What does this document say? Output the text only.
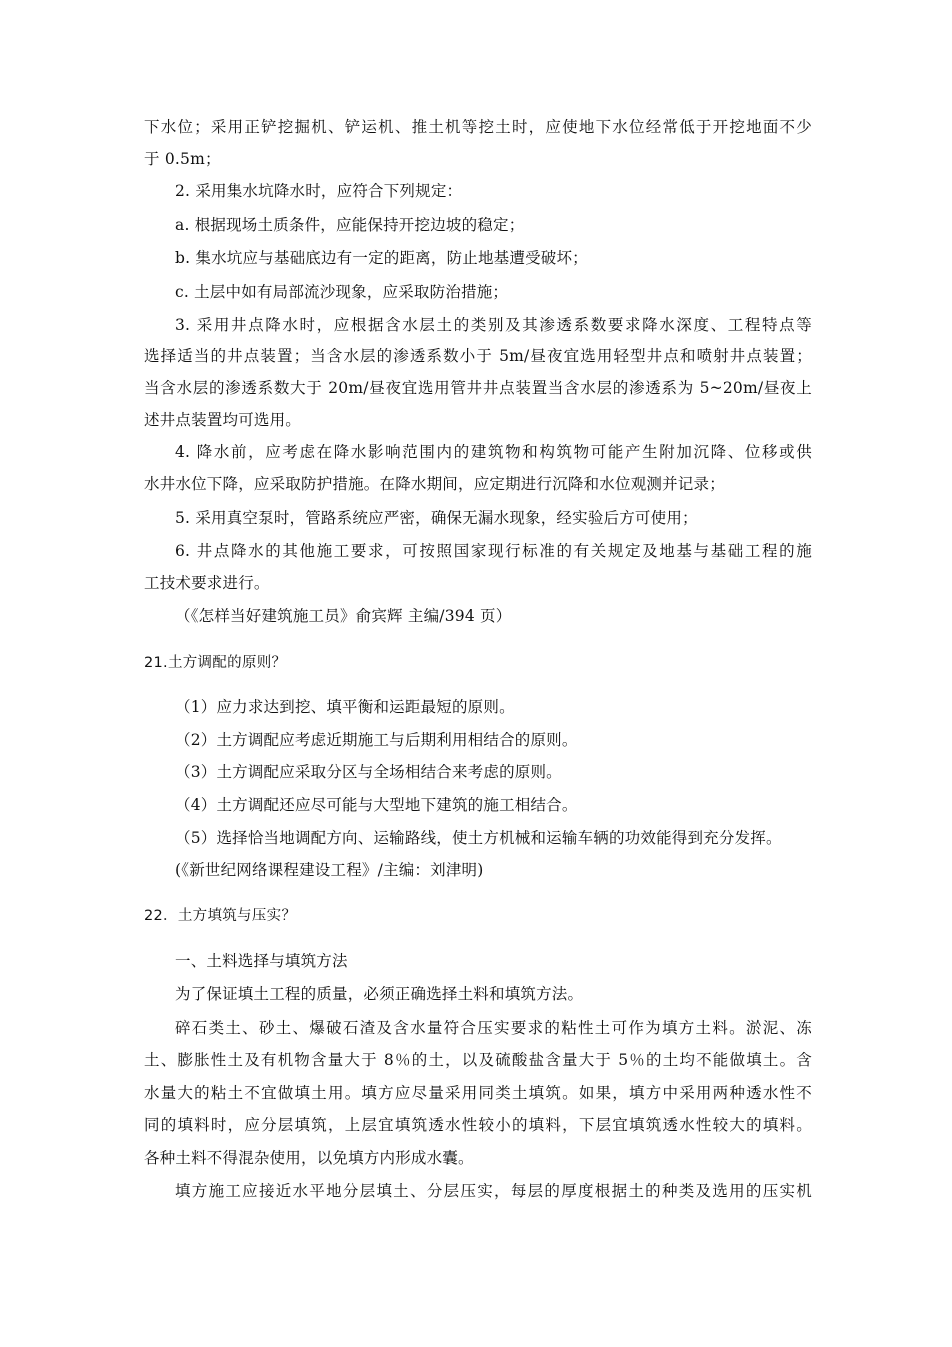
下水位；采用正铲挖掘机、铲运机、推土机等挖土时，应使地下水位经常低于开挖地面不少
于 0.5m；
2. 采用集水坑降水时，应符合下列规定：
a. 根据现场土质条件，应能保持开挖边坡的稳定；
b. 集水坑应与基础底边有一定的距离，防止地基遭受破坏；
c. 土层中如有局部流沙现象，应采取防治措施；
3. 采用井点降水时，应根据含水层土的类别及其渗透系数要求降水深度、工程特点等
选择适当的井点装置；当含水层的渗透系数小于 5m/昼夜宜选用轻型井点和喷射井点装置；
当含水层的渗透系数大于 20m/昼夜宜选用管井井点装置当含水层的渗透系为 5~20m/昼夜上
述井点装置均可选用。
4. 降水前，应考虑在降水影响范围内的建筑物和构筑物可能产生附加沉降、位移或供
水井水位下降，应采取防护措施。在降水期间，应定期进行沉降和水位观测并记录；
5. 采用真空泵时，管路系统应严密，确保无漏水现象，经实验后方可使用；
6. 井点降水的其他施工要求，可按照国家现行标准的有关规定及地基与基础工程的施
工技术要求进行。
（《怎样当好建筑施工员》俞宾辉 主编/394 页）
21.土方调配的原则？
（1）应力求达到挖、填平衡和运距最短的原则。
（2）土方调配应考虑近期施工与后期利用相结合的原则。
（3）土方调配应采取分区与全场相结合来考虑的原则。
（4）土方调配还应尽可能与大型地下建筑的施工相结合。
（5）选择恰当地调配方向、运输路线，使土方机械和运输车辆的功效能得到充分发挥。
(《新世纪网络课程建设工程》/主编：刘津明)
22．土方填筑与压实？
一、土料选择与填筑方法
为了保证填土工程的质量，必须正确选择土料和填筑方法。
碎石类土、砂土、爆破石渣及含水量符合压实要求的粘性土可作为填方土料。淤泥、冻
土、膨胀性土及有机物含量大于 8％的土，以及硫酸盐含量大于 5％的土均不能做填土。含
水量大的粘土不宜做填土用。填方应尽量采用同类土填筑。如果，填方中采用两种透水性不
同的填料时，应分层填筑，上层宜填筑透水性较小的填料，下层宜填筑透水性较大的填料。
各种土料不得混杂使用，以免填方内形成水囊。
填方施工应接近水平地分层填土、分层压实，每层的厚度根据土的种类及选用的压实机
